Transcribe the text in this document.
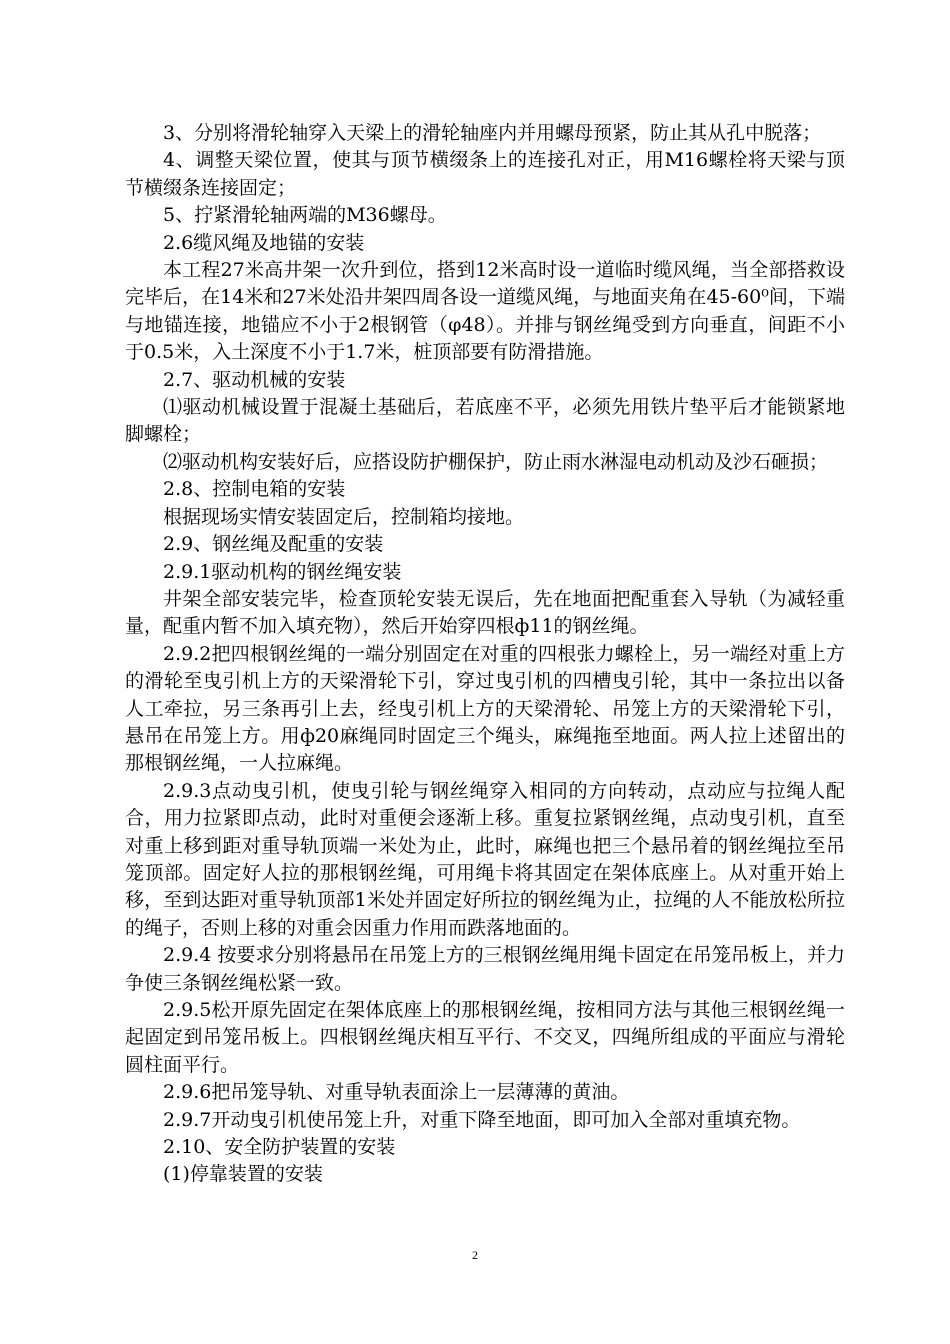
3、分别将滑轮轴穿入天梁上的滑轮轴座内并用螺母预紧，防止其从孔中脱落；

4、调整天梁位置，使其与顶节横缀条上的连接孔对正，用M16螺栓将天梁与顶节横缀条连接固定；

5、拧紧滑轮轴两端的M36螺母。

2.6缆风绳及地锚的安装

本工程27米高井架一次升到位，搭到12米高时设一道临时缆风绳，当全部搭救设完毕后，在14米和27米处沿井架四周各设一道缆风绳，与地面夹角在45-60⁰间，下端与地锚连接，地锚应不小于2根钢管（φ48）。并排与钢丝绳受到方向垂直，间距不小于0.5米，入土深度不小于1.7米，桩顶部要有防滑措施。

2.7、驱动机械的安装

⑴驱动机械设置于混凝土基础后，若底座不平，必须先用铁片垫平后才能锁紧地脚螺栓；

⑵驱动机构安装好后，应搭设防护棚保护，防止雨水淋湿电动机动及沙石砸损；

2.8、控制电箱的安装

根据现场实情安装固定后，控制箱均接地。

2.9、钢丝绳及配重的安装

2.9.1驱动机构的钢丝绳安装

井架全部安装完毕，检查顶轮安装无误后，先在地面把配重套入导轨（为减轻重量，配重内暂不加入填充物），然后开始穿四根ф11的钢丝绳。

2.9.2把四根钢丝绳的一端分别固定在对重的四根张力螺栓上，另一端经对重上方的滑轮至曳引机上方的天梁滑轮下引，穿过曳引机的四槽曳引轮，其中一条拉出以备人工牵拉，另三条再引上去，经曳引机上方的天梁滑轮、吊笼上方的天梁滑轮下引，悬吊在吊笼上方。用ф20麻绳同时固定三个绳头，麻绳拖至地面。两人拉上述留出的那根钢丝绳，一人拉麻绳。

2.9.3点动曳引机，使曳引轮与钢丝绳穿入相同的方向转动，点动应与拉绳人配合，用力拉紧即点动，此时对重便会逐渐上移。重复拉紧钢丝绳，点动曳引机，直至对重上移到距对重导轨顶端一米处为止，此时，麻绳也把三个悬吊着的钢丝绳拉至吊笼顶部。固定好人拉的那根钢丝绳，可用绳卡将其固定在架体底座上。从对重开始上移，至到达距对重导轨顶部1米处并固定好所拉的钢丝绳为止，拉绳的人不能放松所拉的绳子，否则上移的对重会因重力作用而跌落地面的。

2.9.4 按要求分别将悬吊在吊笼上方的三根钢丝绳用绳卡固定在吊笼吊板上，并力争使三条钢丝绳松紧一致。

2.9.5松开原先固定在架体底座上的那根钢丝绳，按相同方法与其他三根钢丝绳一起固定到吊笼吊板上。四根钢丝绳庆相互平行、不交叉，四绳所组成的平面应与滑轮圆柱面平行。

2.9.6把吊笼导轨、对重导轨表面涂上一层薄薄的黄油。

2.9.7开动曳引机使吊笼上升，对重下降至地面，即可加入全部对重填充物。

2.10、安全防护装置的安装

(1)停靠装置的安装

2
